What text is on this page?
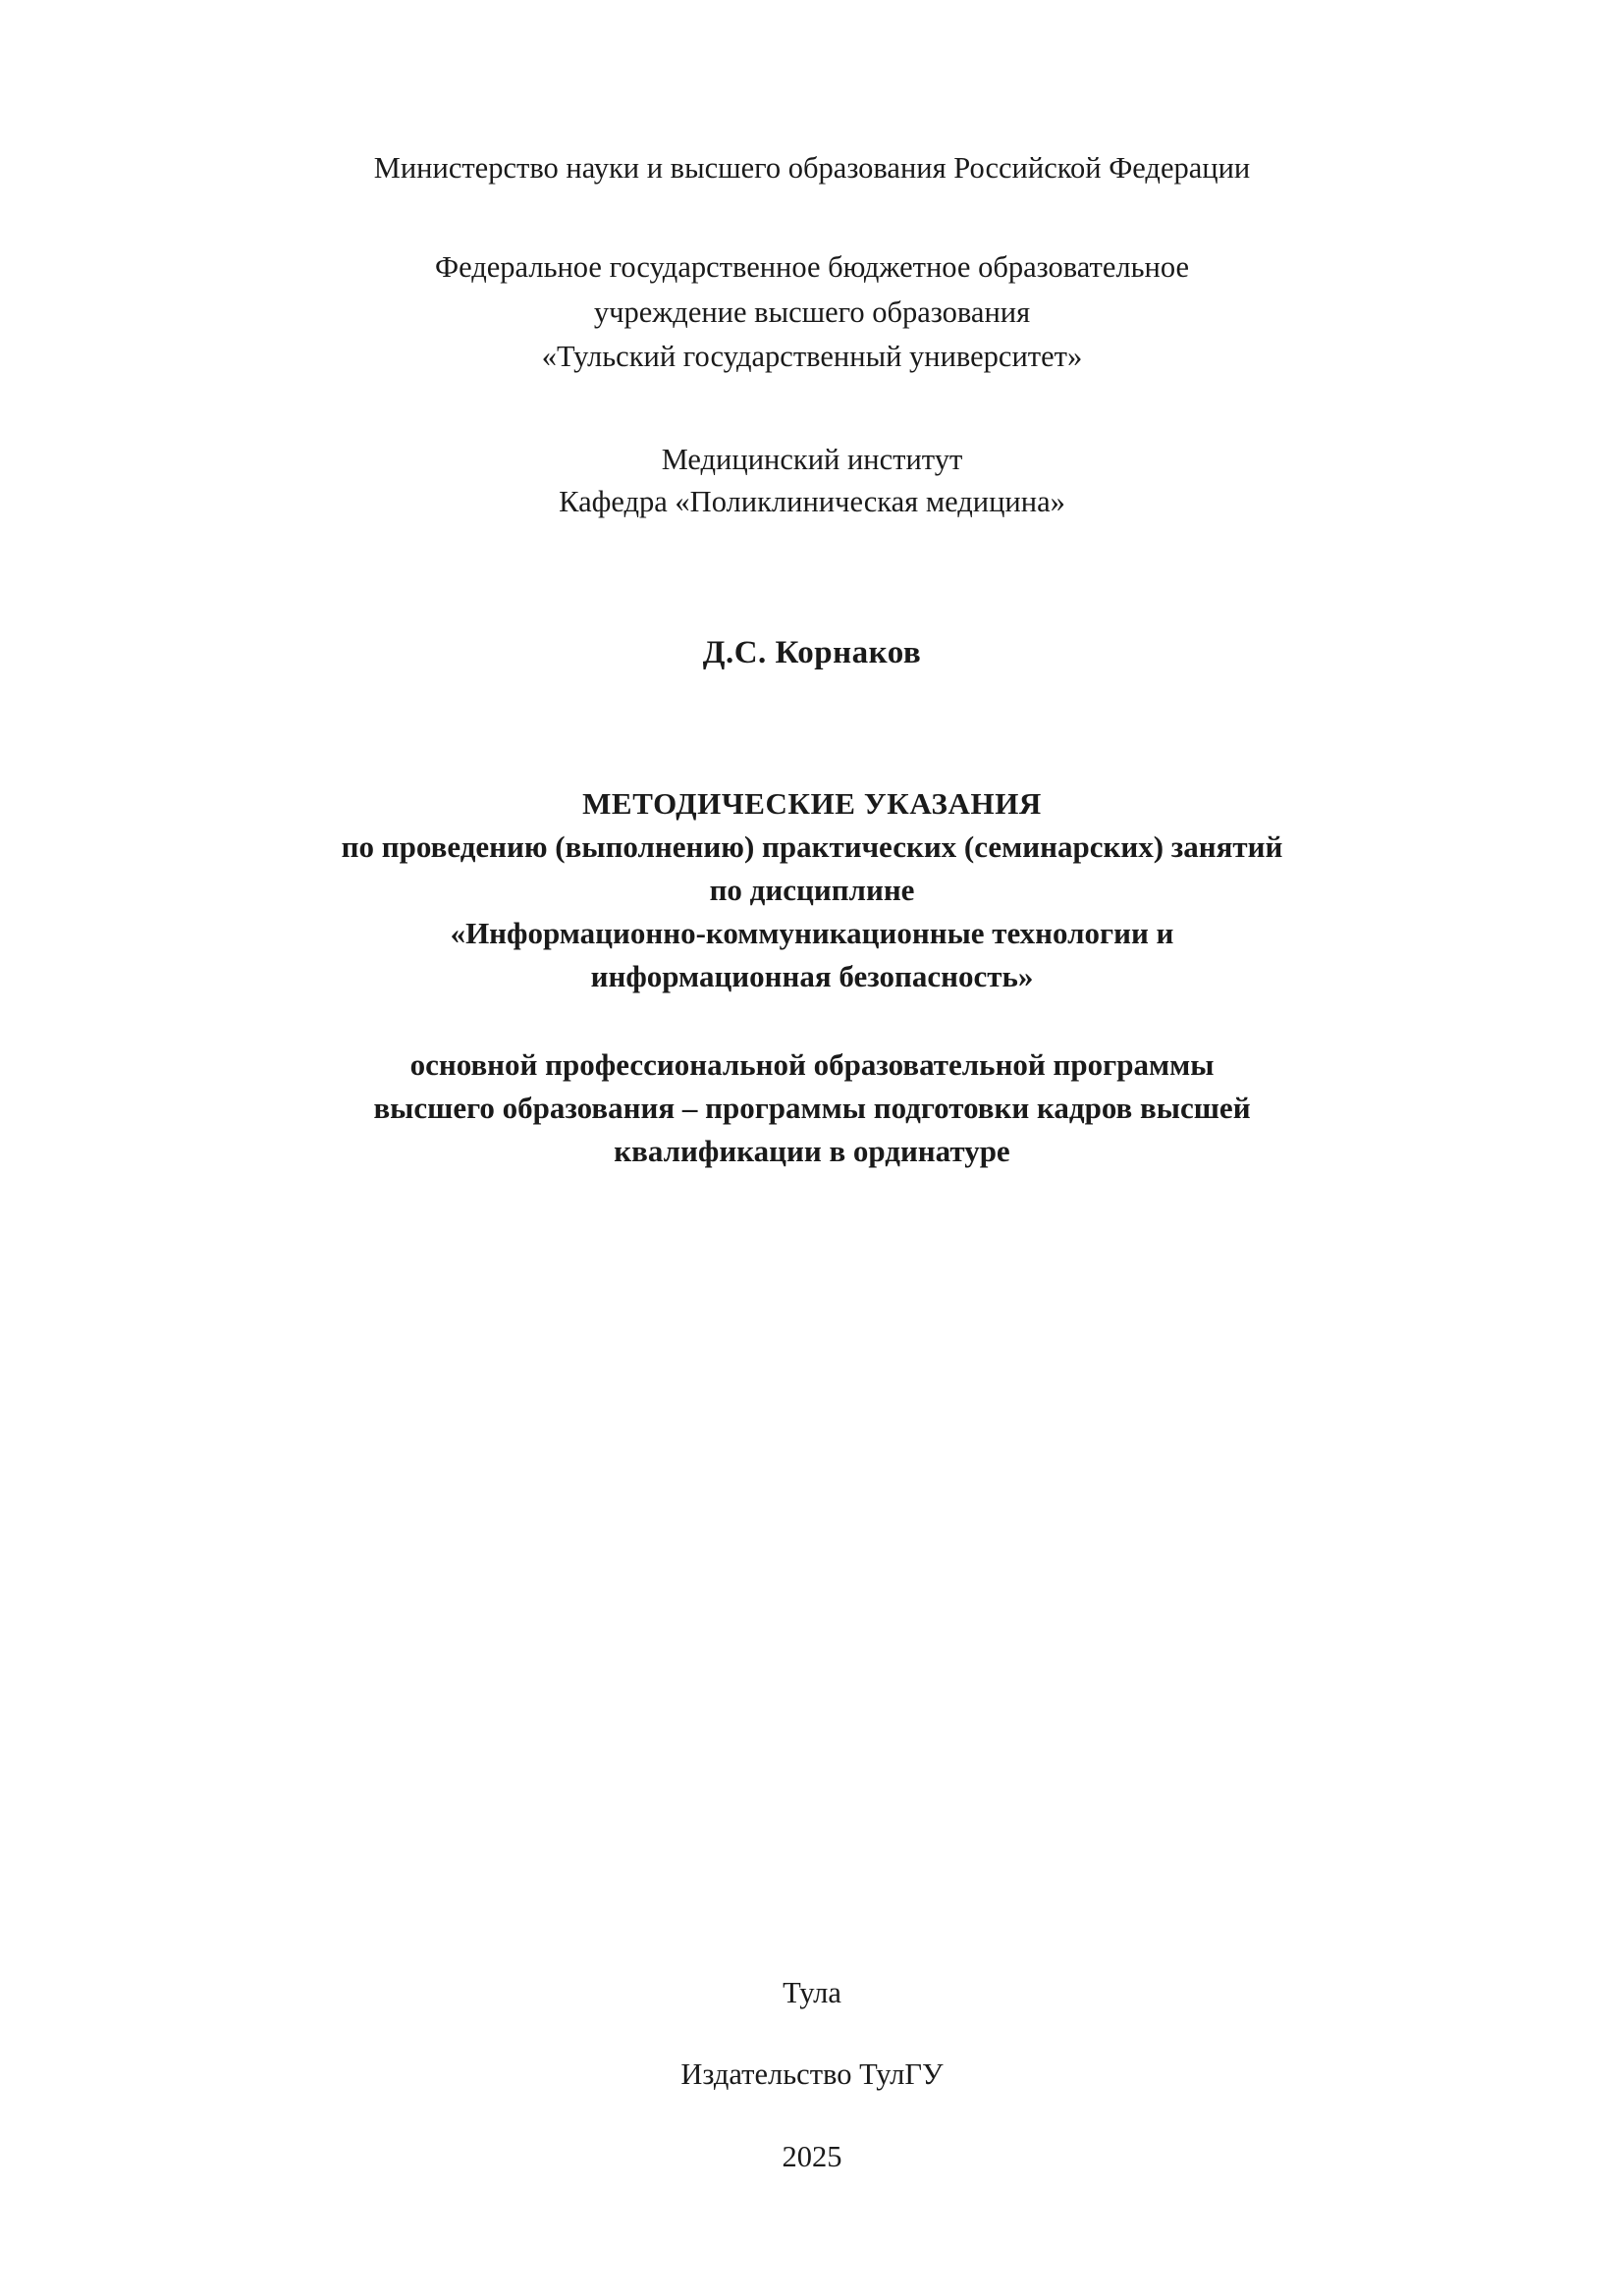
Министерство науки и высшего образования Российской Федерации
Федеральное государственное бюджетное образовательное
учреждение высшего образования
«Тульский государственный университет»
Медицинский институт
Кафедра «Поликлиническая медицина»
Д.С. Корнаков
МЕТОДИЧЕСКИЕ УКАЗАНИЯ
по проведению (выполнению) практических (семинарских) занятий
по дисциплине
«Информационно-коммуникационные технологии и
информационная безопасность»
основной профессиональной образовательной программы
высшего образования – программы подготовки кадров высшей
квалификации в ординатуре
Тула
Издательство ТулГУ
2025
